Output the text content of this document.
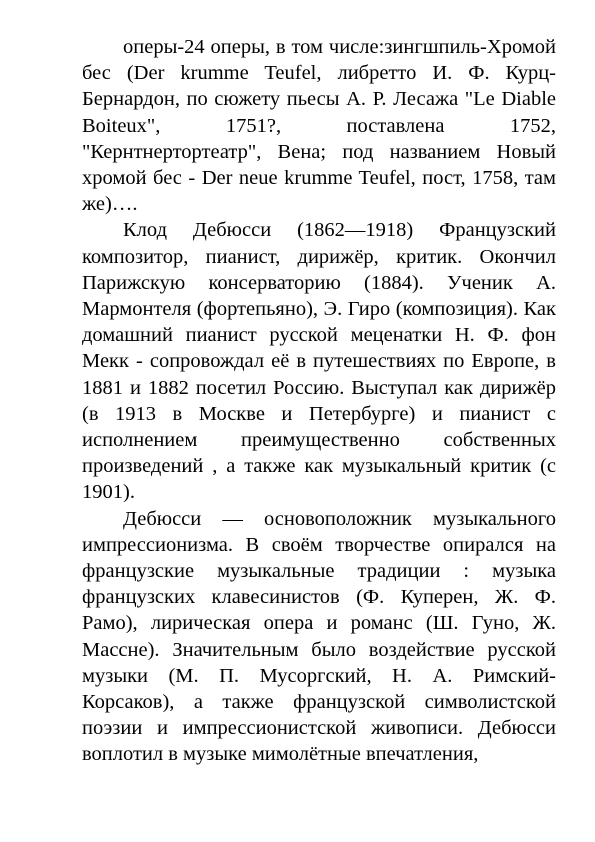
оперы-24 оперы, в том числе:зингшпиль-Хромой бес (Der krumme Teufel, либретто И. Ф. Курц- Бернардон, по сюжету пьесы А. Р. Лесажа "Le Diable Boiteux", 1751?, поставлена 1752, "Кернтнертортеатр", Вена; под названием Новый хромой бес - Der neue krumme Teufel, пост, 1758, там же)….

Клод Дебюсси (1862—1918) Французский композитор, пианист, дирижёр, критик. Окончил Парижскую консерваторию (1884). Ученик А. Мармонтеля (фортепьяно), Э. Гиро (композиция). Как домашний пианист русской меценатки Н. Ф. фон Мекк - сопровождал её в путешествиях по Европе, в 1881 и 1882 посетил Россию. Выступал как дирижёр (в 1913 в Москве и Петербурге) и пианист с исполнением преимущественно собственных произведений , а также как музыкальный критик (с 1901).

Дебюсси — основоположник музыкального импрессионизма. В своём творчестве опирался на французские музыкальные традиции : музыка французских клавесинистов (Ф. Куперен, Ж. Ф. Рамо), лирическая опера и романс (Ш. Гуно, Ж. Массне). Значительным было воздействие русской музыки (М. П. Мусоргский, Н. А. Римский-Корсаков), а также французской символистской поэзии и импрессионистской живописи. Дебюсси воплотил в музыке мимолётные впечатления,
